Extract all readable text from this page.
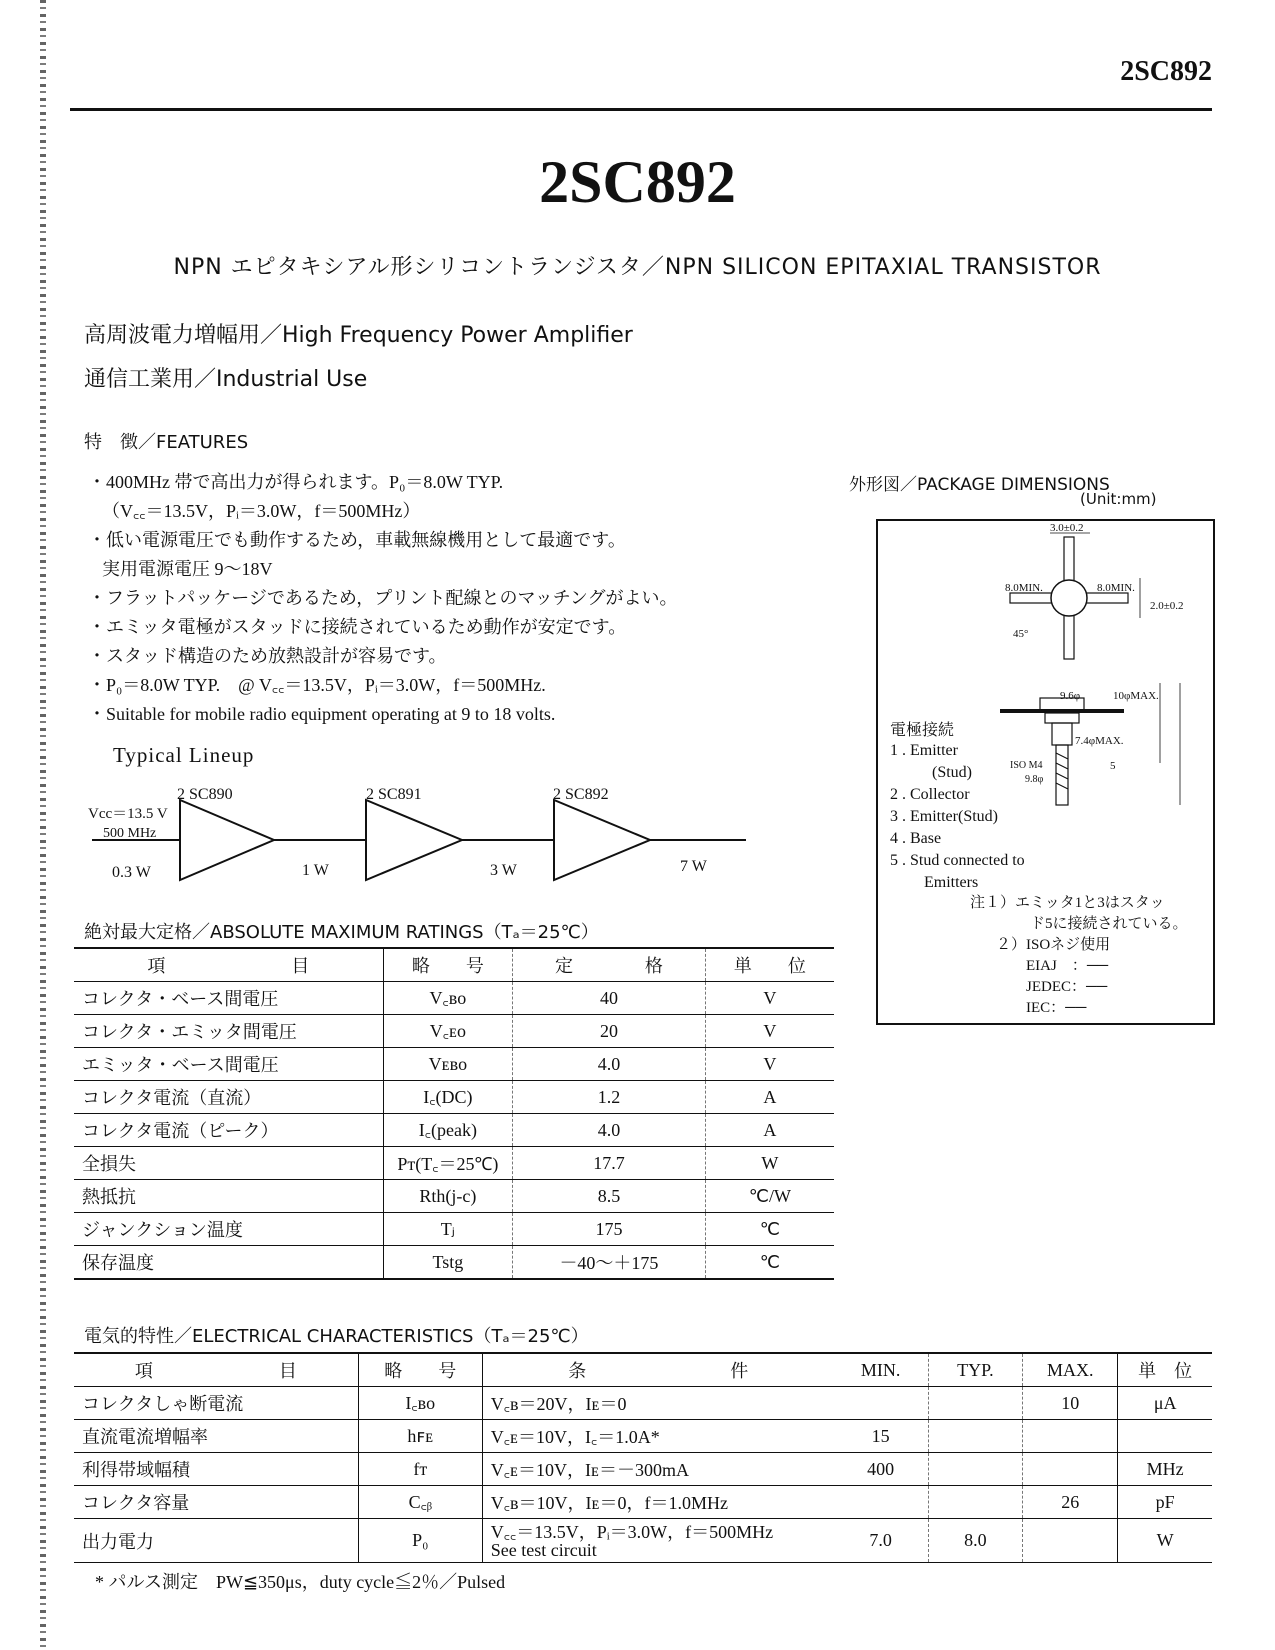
2SC892
2SC892
NPN エピタキシアル形シリコントランジスタ／NPN SILICON EPITAXIAL TRANSISTOR
高周波電力増幅用／High Frequency Power Amplifier
通信工業用／Industrial Use
特　徴／FEATURES
・400MHz 帯で高出力が得られます。P₀＝8.0W TYP.
（V꜀꜀＝13.5V，Pᵢ＝3.0W，f＝500MHz）
・低い電源電圧でも動作するため，車載無線機用として最適です。
実用電源電圧 9～18V
・フラットパッケージであるため，プリント配線とのマッチングがよい。
・エミッタ電極がスタッドに接続されているため動作が安定です。
・スタッド構造のため放熱設計が容易です。
・P₀＝8.0W TYP.　@ V꜀꜀＝13.5V，Pᵢ＝3.0W，f＝500MHz.
・Suitable for mobile radio equipment operating at 9 to 18 volts.
Typical Lineup
Vcc＝13.5 V
500 MHz
0.3 W
2 SC890
1 W
2 SC891
3 W
2 SC892
7 W
外形図／PACKAGE DIMENSIONS
(Unit:mm)
3.0±0.2
8.0MIN.	8.0MIN.
2.0±0.2
45°
9.6φ	10φMAX.
7.4φMAX.
ISO M4
9.8φ
5
電極接続
1 . Emitter
(Stud)
2 . Collector
3 . Emitter(Stud)
4 . Base
5 . Stud connected to
Emitters
注１）エミッタ1と3はスタッ
ド5に接続されている。
２）ISOネジ使用
EIAJ　：──
JEDEC：──
IEC：──
絶対最大定格／ABSOLUTE MAXIMUM RATINGS（Tₐ＝25℃）
項　　　　　　　目	略　　号	定　　　　格	単　　位
コレクタ・ベース間電圧	V꜀ʙᴏ	40	V
コレクタ・エミッタ間電圧	V꜀ᴇᴏ	20	V
エミッタ・ベース間電圧	Vᴇʙᴏ	4.0	V
コレクタ電流（直流）	I꜀(DC)	1.2	A
コレクタ電流（ピーク）	I꜀(peak)	4.0	A
全損失	Pᴛ(T꜀＝25℃)	17.7	W
熱抵抗	Rth(j-c)	8.5	℃/W
ジャンクション温度	Tⱼ	175	℃
保存温度	Tstg	－40～＋175	℃
電気的特性／ELECTRICAL CHARACTERISTICS（Tₐ＝25℃）
項　　　　　　　目	略　　号	条　　　　　　　　件	MIN.	TYP.	MAX.	単　位
コレクタしゃ断電流	I꜀ʙᴏ	V꜀ʙ＝20V，Iᴇ＝0			10	μA
直流電流増幅率	hꜰᴇ	V꜀ᴇ＝10V，I꜀＝1.0A*	15			
利得帯域幅積	fᴛ	V꜀ᴇ＝10V，Iᴇ＝－300mA	400			MHz
コレクタ容量	C꜀ᵦ	V꜀ʙ＝10V，Iᴇ＝0，f＝1.0MHz			26	pF
出力電力	P₀	V꜀꜀＝13.5V，Pᵢ＝3.0W，f＝500MHz
See test circuit	7.0	8.0		W
* パルス測定　PW≦350μs，duty cycle≦2％／Pulsed
